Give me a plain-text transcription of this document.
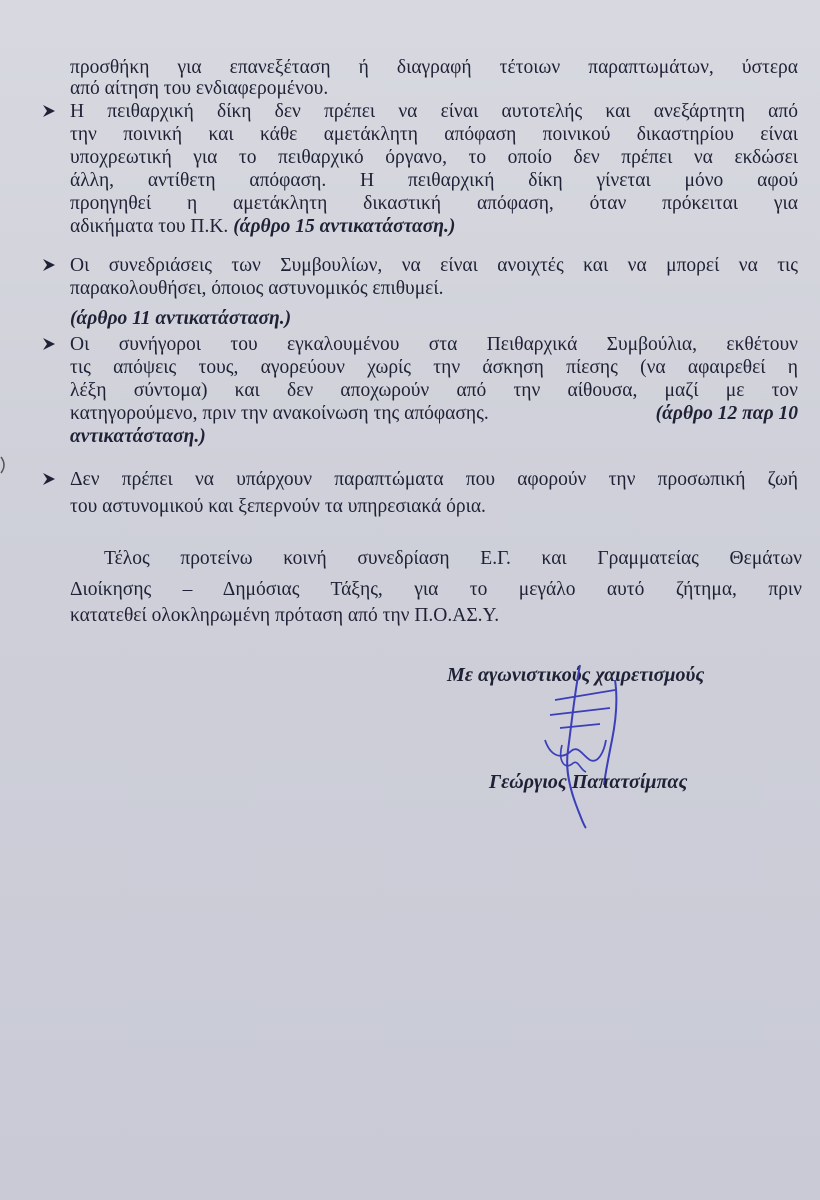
προσθήκη για επανεξέταση ή διαγραφή τέτοιων παραπτωμάτων, ύστερα
από αίτηση του ενδιαφερομένου.
Η πειθαρχική δίκη δεν πρέπει να είναι αυτοτελής και ανεξάρτητη από
την ποινική και κάθε αμετάκλητη απόφαση ποινικού δικαστηρίου είναι
υποχρεωτική για το πειθαρχικό όργανο, το οποίο δεν πρέπει να εκδώσει
άλλη, αντίθετη απόφαση. Η πειθαρχική δίκη γίνεται μόνο αφού
προηγηθεί η αμετάκλητη δικαστική απόφαση, όταν πρόκειται για
αδικήματα του Π.Κ. (άρθρο 15 αντικατάσταση.)
Οι συνεδριάσεις των Συμβουλίων, να είναι ανοιχτές και να μπορεί να τις
παρακολουθήσει, όποιος αστυνομικός επιθυμεί.
(άρθρο 11 αντικατάσταση.)
Οι συνήγοροι του εγκαλουμένου στα Πειθαρχικά Συμβούλια, εκθέτουν
τις απόψεις τους, αγορεύουν χωρίς την άσκηση πίεσης (να αφαιρεθεί η
λέξη σύντομα) και δεν αποχωρούν από την αίθουσα, μαζί με τον
κατηγορούμενο, πριν την ανακοίνωση της απόφασης.	(άρθρο 12 παρ 10
αντικατάσταση.)
Δεν πρέπει να υπάρχουν παραπτώματα που αφορούν την προσωπική ζωή
του αστυνομικού και ξεπερνούν τα υπηρεσιακά όρια.
Τέλος προτείνω κοινή συνεδρίαση Ε.Γ. και Γραμματείας Θεμάτων
Διοίκησης – Δημόσιας Τάξης, για το μεγάλο αυτό ζήτημα, πριν
κατατεθεί ολοκληρωμένη πρόταση από την Π.Ο.ΑΣ.Υ.
Με αγωνιστικούς χαιρετισμούς
Γεώργιος Παπατσίμπας
